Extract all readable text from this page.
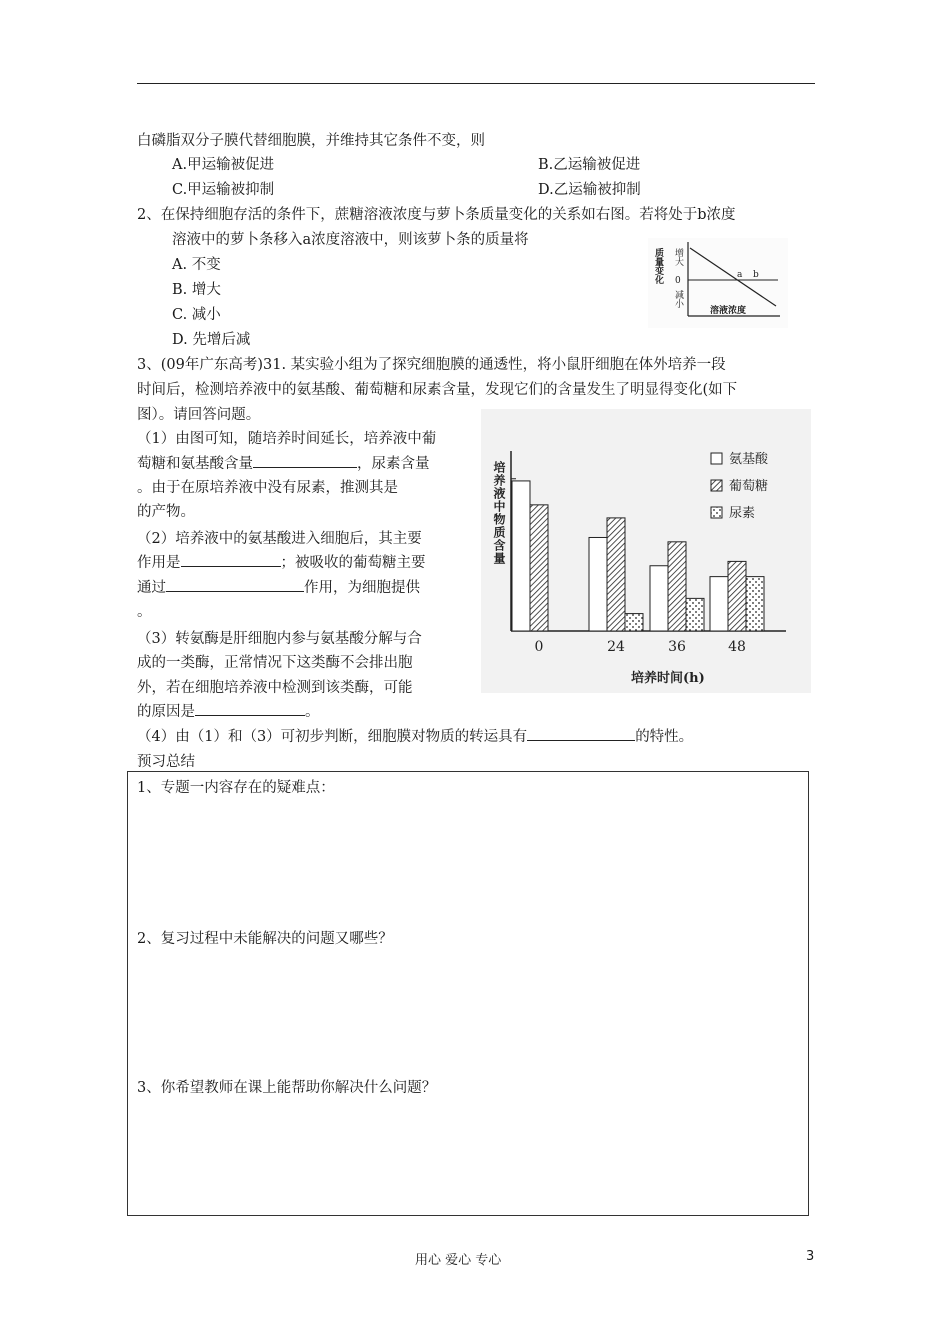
白磷脂双分子膜代替细胞膜，并维持其它条件不变，则
A.甲运输被促进	B.乙运输被促进
C.甲运输被抑制	D.乙运输被抑制
2、在保持细胞存活的条件下，蔗糖溶液浓度与萝卜条质量变化的关系如右图。若将处于b浓度
溶液中的萝卜条移入a浓度溶液中，则该萝卜条的质量将
A. 不变
B. 增大
C. 减小
D. 先增后减
质量变化 增大
0
减小
a b
溶液浓度
3、(09年广东高考)31. 某实验小组为了探究细胞膜的通透性，将小鼠肝细胞在体外培养一段
时间后，检测培养液中的氨基酸、葡萄糖和尿素含量，发现它们的含量发生了明显得变化(如下
图）。请回答问题。
（1）由图可知，随培养时间延长，培养液中葡
萄糖和氨基酸含量	，尿素含量
。由于在原培养液中没有尿素，推测其是
的产物。
（2）培养液中的氨基酸进入细胞后，其主要
作用是	；被吸收的葡萄糖主要
通过	作用，为细胞提供
。
（3）转氨酶是肝细胞内参与氨基酸分解与合
成的一类酶，正常情况下这类酶不会排出胞
外，若在细胞培养液中检测到该类酶，可能
的原因是	。
（4）由（1）和（3）可初步判断，细胞膜对物质的转运具有	的特性。
0	24	36	48
氨基酸
葡萄糖
尿素
培养液中物质含量
培养时间(h)
预习总结
1、专题一内容存在的疑难点：
2、复习过程中未能解决的问题又哪些？
3、你希望教师在课上能帮助你解决什么问题？
用心 爱心 专心	3
